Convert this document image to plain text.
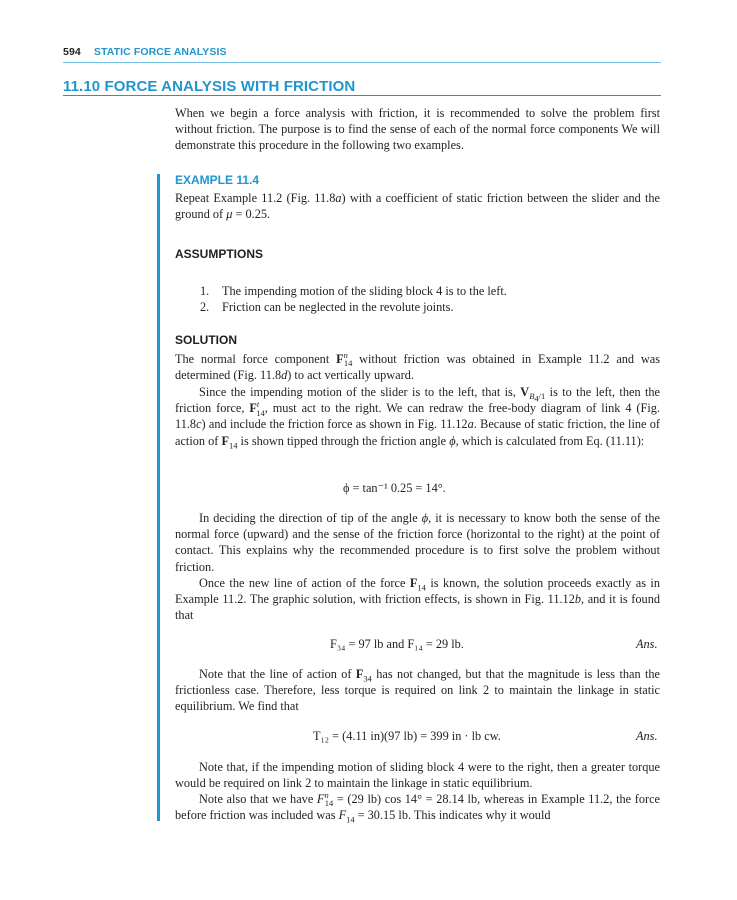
594 STATIC FORCE ANALYSIS
11.10 FORCE ANALYSIS WITH FRICTION

When we begin a force analysis with friction, it is recommended to solve the problem first without friction. The purpose is to find the sense of each of the normal force components We will demonstrate this procedure in the following two examples.

EXAMPLE 11.4

Repeat Example 11.2 (Fig. 11.8a) with a coefficient of static friction between the slider and the ground of μ = 0.25.

ASSUMPTIONS
1. The impending motion of the sliding block 4 is to the left.
2. Friction can be neglected in the revolute joints.
SOLUTION

The normal force component $F^n_{14}$ without friction was obtained in Example 11.2 and was determined (Fig. 11.8d) to act vertically upward.

Since the impending motion of the slider is to the left, that is, $V_{B_4/1}$ is to the left, then the friction force, $F^t_{14}$, must act to the right. We can redraw the free-body diagram of link 4 (Fig. 11.8c) and include the friction force as shown in Fig. 11.12a. Because of static friction, the line of action of $F_{14}$ is shown tipped through the friction angle ϕ, which is calculated from Eq. (11.11):

ϕ = tan⁻¹ 0.25 = 14°.

In deciding the direction of tip of the angle ϕ, it is necessary to know both the sense of the normal force (upward) and the sense of the friction force (horizontal to the right) at the point of contact. This explains why the recommended procedure is to first solve the problem without friction.

Once the new line of action of the force $F_{14}$ is known, the solution proceeds exactly as in Example 11.2. The graphic solution, with friction effects, is shown in Fig. 11.12b, and it is found that

F₃₄ = 97 lb and F₁₄ = 29 lb.	Ans.

Note that the line of action of $F_{34}$ has not changed, but that the magnitude is less than the frictionless case. Therefore, less torque is required on link 2 to maintain the linkage in static equilibrium. We find that

T₁₂ = (4.11 in)(97 lb) = 399 in · lb cw.	Ans.

Note that, if the impending motion of sliding block 4 were to the right, then a greater torque would be required on link 2 to maintain the linkage in static equilibrium.

Note also that we have $F^n_{14} = (29$ lb) cos 14° = 28.14 lb, whereas in Example 11.2, the force before friction was included was $F_{14} = 30.15$ lb. This indicates why it would
